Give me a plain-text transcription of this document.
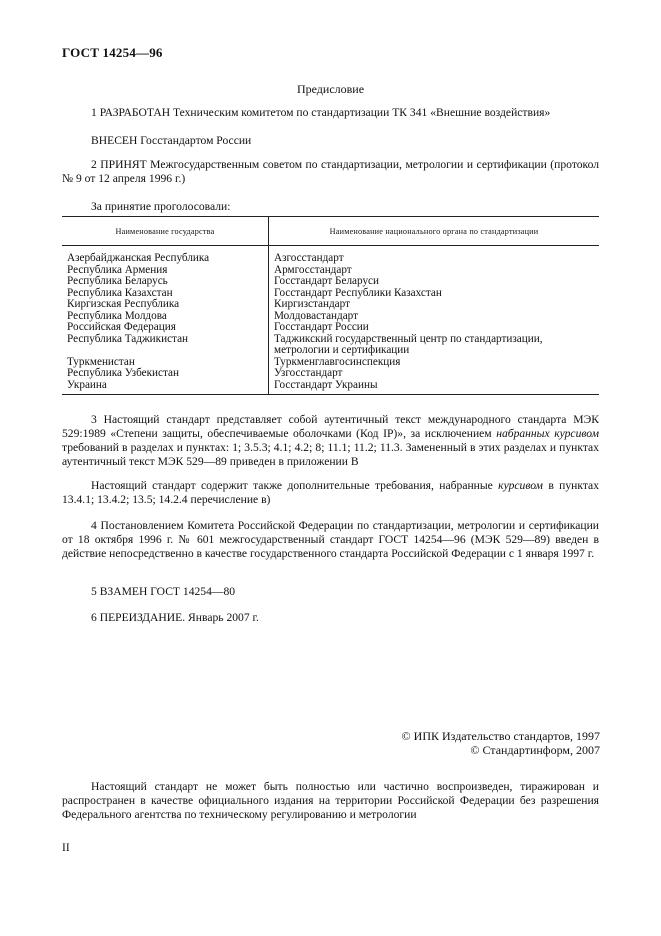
ГОСТ 14254—96
Предисловие

1 РАЗРАБОТАН Техническим комитетом по стандартизации ТК 341 «Внешние воздействия»

ВНЕСЕН Госстандартом России

2 ПРИНЯТ Межгосударственным советом по стандартизации, метрологии и сертификации (протокол № 9 от 12 апреля 1996 г.)

За принятие проголосовали:

Наименование государства	Наименование национального органа по стандартизации
Азербайджанская Республика	Азгосстандарт
Республика Армения	Армгосстандарт
Республика Беларусь	Госстандарт Беларуси
Республика Казахстан	Госстандарт Республики Казахстан
Киргизская Республика	Киргизстандарт
Республика Молдова	Молдовастандарт
Российская Федерация	Госстандарт России
Республика Таджикистан	Таджикский государственный центр по стандартизации, метрологии и сертификации
Туркменистан	Туркменглавгосинспекция
Республика Узбекистан	Узгосстандарт
Украина	Госстандарт Украины

3 Настоящий стандарт представляет собой аутентичный текст международного стандарта МЭК 529:1989 «Степени защиты, обеспечиваемые оболочками (Код IP)», за исключением набранных курсивом требований в разделах и пунктах: 1; 3.5.3; 4.1; 4.2; 8; 11.1; 11.2; 11.3. Замененный в этих разделах и пунктах аутентичный текст МЭК 529—89 приведен в приложении В

Настоящий стандарт содержит также дополнительные требования, набранные курсивом в пунктах 13.4.1; 13.4.2; 13.5; 14.2.4 перечисление в)

4 Постановлением Комитета Российской Федерации по стандартизации, метрологии и сертификации от 18 октября 1996 г. № 601 межгосударственный стандарт ГОСТ 14254—96 (МЭК 529—89) введен в действие непосредственно в качестве государственного стандарта Российской Федерации с 1 января 1997 г.

5 ВЗАМЕН ГОСТ 14254—80

6 ПЕРЕИЗДАНИЕ. Январь 2007 г.

© ИПК Издательство стандартов, 1997
© Стандартинформ, 2007

Настоящий стандарт не может быть полностью или частично воспроизведен, тиражирован и распространен в качестве официального издания на территории Российской Федерации без разрешения Федерального агентства по техническому регулированию и метрологии

II
